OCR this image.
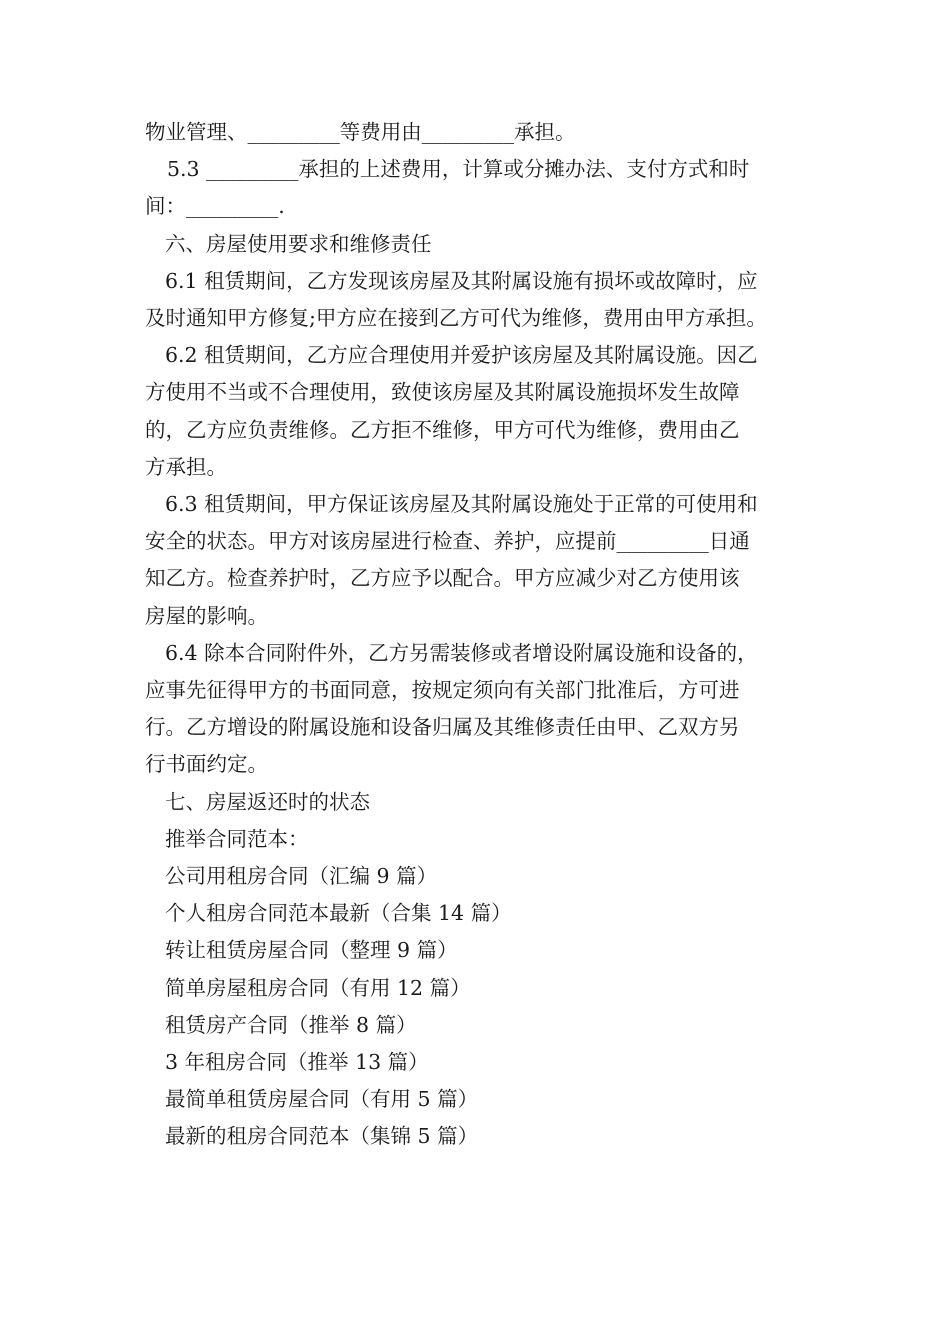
物业管理、_________等费用由_________承担。

5.3 _________承担的上述费用，计算或分摊办法、支付方式和时

间：_________.

六、房屋使用要求和维修责任

6.1 租赁期间，乙方发现该房屋及其附属设施有损坏或故障时，应

及时通知甲方修复;甲方应在接到乙方可代为维修，费用由甲方承担。

6.2 租赁期间，乙方应合理使用并爱护该房屋及其附属设施。因乙

方使用不当或不合理使用，致使该房屋及其附属设施损坏发生故障

的，乙方应负责维修。乙方拒不维修，甲方可代为维修，费用由乙

方承担。

6.3 租赁期间，甲方保证该房屋及其附属设施处于正常的可使用和

安全的状态。甲方对该房屋进行检查、养护，应提前_________日通

知乙方。检查养护时，乙方应予以配合。甲方应减少对乙方使用该

房屋的影响。

6.4 除本合同附件外，乙方另需装修或者增设附属设施和设备的，

应事先征得甲方的书面同意，按规定须向有关部门批准后，方可进

行。乙方增设的附属设施和设备归属及其维修责任由甲、乙双方另

行书面约定。

七、房屋返还时的状态

推举合同范本：

公司用租房合同（汇编 9 篇）

个人租房合同范本最新（合集 14 篇）

转让租赁房屋合同（整理 9 篇）

简单房屋租房合同（有用 12 篇）

租赁房产合同（推举 8 篇）

3 年租房合同（推举 13 篇）

最简单租赁房屋合同（有用 5 篇）

最新的租房合同范本（集锦 5 篇）
